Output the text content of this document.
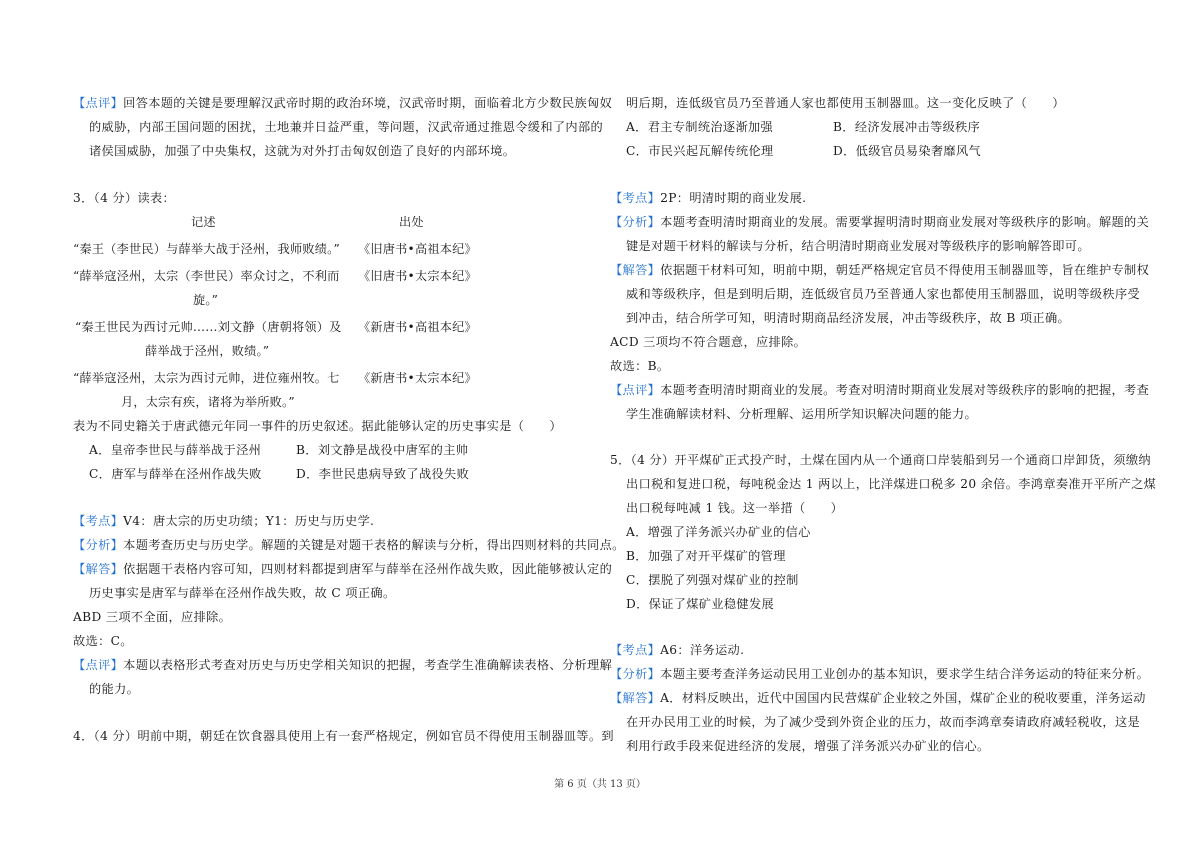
【点评】回答本题的关键是要理解汉武帝时期的政治环境，汉武帝时期，面临着北方少数民族匈奴
的威胁，内部王国问题的困扰，土地兼并日益严重，等问题，汉武帝通过推恩令缓和了内部的
诸侯国威胁，加强了中央集权，这就为对外打击匈奴创造了良好的内部环境。
3．（4 分）读表：
记述	出处
“秦王（李世民）与薛举大战于泾州，我师败绩。” 《旧唐书•高祖本纪》
“薛举寇泾州，太宗（李世民）率众讨之，不利而 《旧唐书•太宗本纪》
旋。”
“秦王世民为西讨元帅……刘文静（唐朝将领）及 《新唐书•高祖本纪》
薛举战于泾州，败绩。”
“薛举寇泾州，太宗为西讨元帅，进位雍州牧。七 《新唐书•太宗本纪》
月，太宗有疾，诸将为举所败。”
表为不同史籍关于唐武德元年同一事件的历史叙述。据此能够认定的历史事实是（　　）
A．皇帝李世民与薛举战于泾州	B．刘文静是战役中唐军的主帅
C．唐军与薛举在泾州作战失败	D．李世民患病导致了战役失败
【考点】V4：唐太宗的历史功绩；Y1：历史与历史学.
【分析】本题考查历史与历史学。解题的关键是对题干表格的解读与分析，得出四则材料的共同点。
【解答】依据题干表格内容可知，四则材料都提到唐军与薛举在泾州作战失败，因此能够被认定的
历史事实是唐军与薛举在泾州作战失败，故 C 项正确。
ABD 三项不全面，应排除。
故选：C。
【点评】本题以表格形式考查对历史与历史学相关知识的把握，考查学生准确解读表格、分析理解
的能力。
4．（4 分）明前中期，朝廷在饮食器具使用上有一套严格规定，例如官员不得使用玉制器皿等。到
明后期，连低级官员乃至普通人家也都使用玉制器皿。这一变化反映了（　　）
A．君主专制统治逐渐加强	B．经济发展冲击等级秩序
C．市民兴起瓦解传统伦理	D．低级官员易染奢靡风气
【考点】2P：明清时期的商业发展.
【分析】本题考查明清时期商业的发展。需要掌握明清时期商业发展对等级秩序的影响。解题的关
键是对题干材料的解读与分析，结合明清时期商业发展对等级秩序的影响解答即可。
【解答】依据题干材料可知，明前中期，朝廷严格规定官员不得使用玉制器皿等，旨在维护专制权
威和等级秩序，但是到明后期，连低级官员乃至普通人家也都使用玉制器皿，说明等级秩序受
到冲击，结合所学可知，明清时期商品经济发展，冲击等级秩序，故 B 项正确。
ACD 三项均不符合题意，应排除。
故选：B。
【点评】本题考查明清时期商业的发展。考查对明清时期商业发展对等级秩序的影响的把握，考查
学生准确解读材料、分析理解、运用所学知识解决问题的能力。
5．（4 分）开平煤矿正式投产时，土煤在国内从一个通商口岸装船到另一个通商口岸卸货，须缴纳
出口税和复进口税，每吨税金达 1 两以上，比洋煤进口税多 20 余倍。李鸿章奏准开平所产之煤
出口税每吨减 1 钱。这一举措（　　）
A．增强了洋务派兴办矿业的信心
B．加强了对开平煤矿的管理
C．摆脱了列强对煤矿业的控制
D．保证了煤矿业稳健发展
【考点】A6：洋务运动.
【分析】本题主要考查洋务运动民用工业创办的基本知识，要求学生结合洋务运动的特征来分析。
【解答】A．材料反映出，近代中国国内民营煤矿企业较之外国，煤矿企业的税收要重，洋务运动
在开办民用工业的时候，为了减少受到外资企业的压力，故而李鸿章奏请政府减轻税收，这是
利用行政手段来促进经济的发展，增强了洋务派兴办矿业的信心。
第 6 页（共 13 页）
